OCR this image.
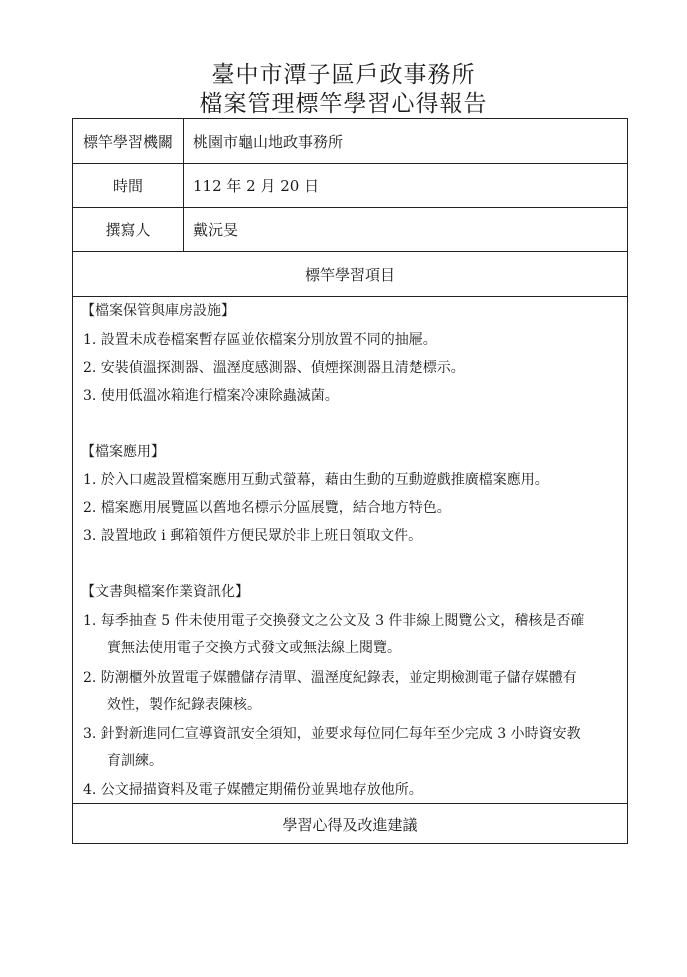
臺中市潭子區戶政事務所
檔案管理標竿學習心得報告
標竿學習機關	桃園市龜山地政事務所
時間	112 年 2 月 20 日
撰寫人	戴沅旻
標竿學習項目
【檔案保管與庫房設施】
1. 設置未成卷檔案暫存區並依檔案分別放置不同的抽屜。
2. 安裝偵溫探測器、溫溼度感測器、偵煙探測器且清楚標示。
3. 使用低溫冰箱進行檔案冷凍除蟲滅菌。
【檔案應用】
1. 於入口處設置檔案應用互動式螢幕，藉由生動的互動遊戲推廣檔案應用。
2. 檔案應用展覽區以舊地名標示分區展覽，結合地方特色。
3. 設置地政 i 郵箱領件方便民眾於非上班日領取文件。
【文書與檔案作業資訊化】
1. 每季抽查 5 件未使用電子交換發文之公文及 3 件非線上閱覽公文，稽核是否確
實無法使用電子交換方式發文或無法線上閱覽。
2. 防潮櫃外放置電子媒體儲存清單、溫溼度紀錄表，並定期檢測電子儲存媒體有
效性，製作紀錄表陳核。
3. 針對新進同仁宣導資訊安全須知，並要求每位同仁每年至少完成 3 小時資安教
育訓練。
4. 公文掃描資料及電子媒體定期備份並異地存放他所。
學習心得及改進建議
